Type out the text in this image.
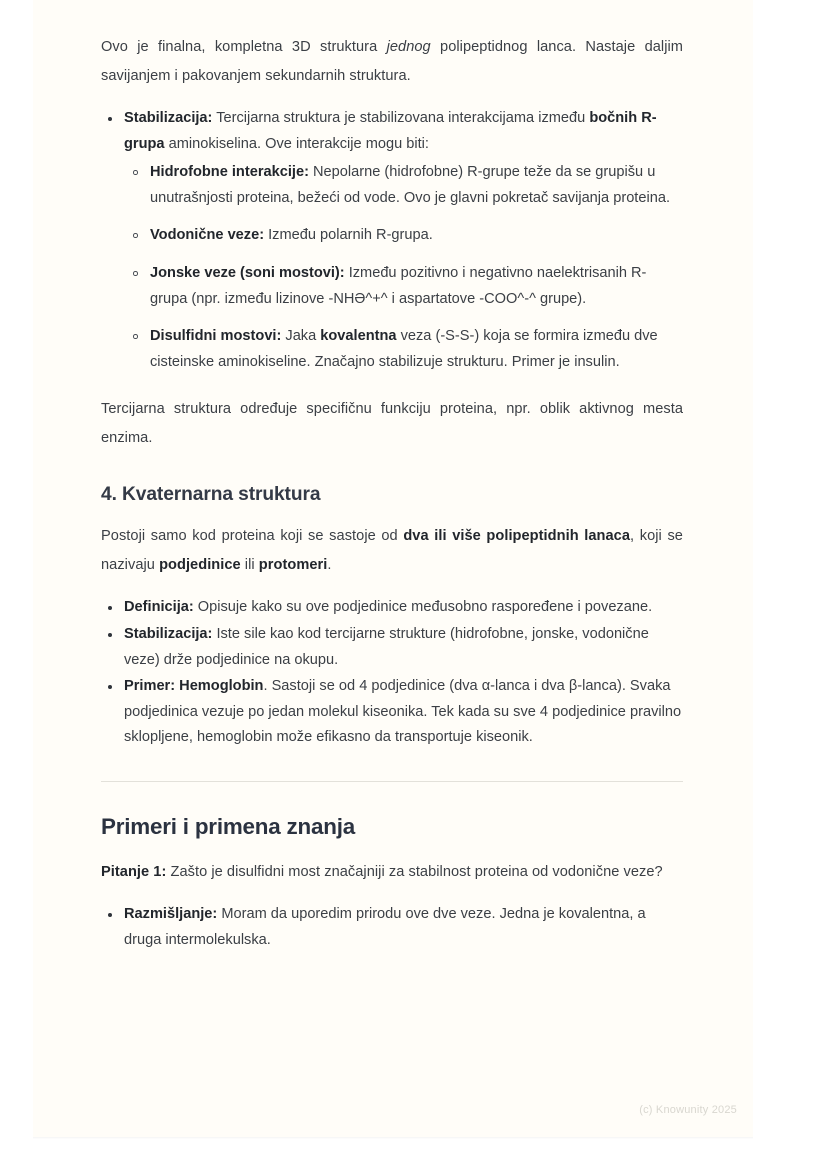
Ovo je finalna, kompletna 3D struktura jednog polipeptidnog lanca. Nastaje daljim savijanjem i pakovanjem sekundarnih struktura.

Stabilizacija: Tercijarna struktura je stabilizovana interakcijama između bočnih R-grupa aminokiselina. Ove interakcije mogu biti:
Hidrofobne interakcije: Nepolarne (hidrofobne) R-grupe teže da se grupišu u unutrašnjosti proteina, bežeći od vode. Ovo je glavni pokretač savijanja proteina.
Vodonične veze: Između polarnih R-grupa.
Jonske veze (soni mostovi): Između pozitivno i negativno naelektrisanih R-grupa (npr. između lizinove -NHƏ^+^ i aspartatove -COO^-^ grupe).
Disulfidni mostovi: Jaka kovalentna veza (-S-S-) koja se formira između dve cisteinske aminokiseline. Značajno stabilizuje strukturu. Primer je insulin.

Tercijarna struktura određuje specifičnu funkciju proteina, npr. oblik aktivnog mesta enzima.

4. Kvaternarna struktura

Postoji samo kod proteina koji se sastoje od dva ili više polipeptidnih lanaca, koji se nazivaju podjedinice ili protomeri.

Definicija: Opisuje kako su ove podjedinice međusobno raspoređene i povezane.
Stabilizacija: Iste sile kao kod tercijarne strukture (hidrofobne, jonske, vodonične veze) drže podjedinice na okupu.
Primer: Hemoglobin. Sastoji se od 4 podjedinice (dva α-lanca i dva β-lanca). Svaka podjedinica vezuje po jedan molekul kiseonika. Tek kada su sve 4 podjedinice pravilno sklopljene, hemoglobin može efikasno da transportuje kiseonik.
Primeri i primena znanja

Pitanje 1: Zašto je disulfidni most značajniji za stabilnost proteina od vodonične veze?

Razmišljanje: Moram da uporedim prirodu ove dve veze. Jedna je kovalentna, a druga intermolekulska.
(c) Knowunity 2025
